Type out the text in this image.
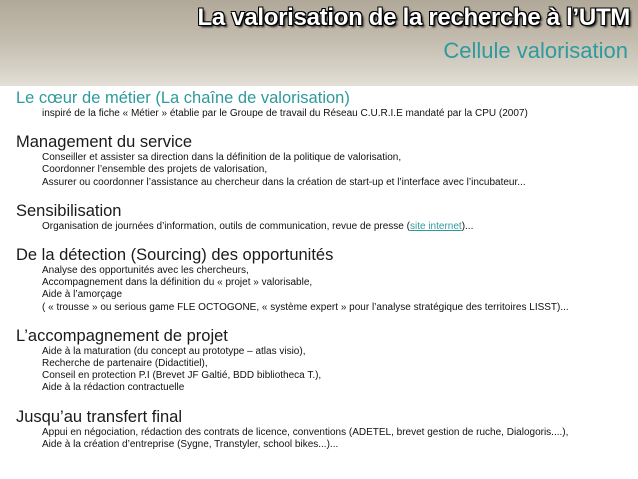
La valorisation de la recherche à l’UTM
Cellule valorisation
Le cœur de métier (La chaîne de valorisation)
inspiré de la fiche « Métier » établie par le Groupe de travail du Réseau C.U.R.I.E mandaté par la CPU (2007)
Management du service
Conseiller et assister sa direction dans la définition de la politique de valorisation,
Coordonner l’ensemble des projets de valorisation,
Assurer ou coordonner l’assistance au chercheur dans la création de start-up et l’interface avec l’incubateur...
Sensibilisation
Organisation de journées d’information, outils de communication, revue de presse (site internet)...
De la détection (Sourcing) des opportunités
Analyse des opportunités avec les chercheurs,
Accompagnement dans la définition du « projet » valorisable,
Aide à l’amorçage
( « trousse » ou serious game FLE OCTOGONE, « système expert » pour l’analyse stratégique des territoires LISST)...
L’accompagnement de projet
Aide à la maturation (du concept au prototype – atlas visio),
Recherche de partenaire (Didactitiel),
Conseil en protection P.I (Brevet JF Galtié, BDD bibliotheca T.),
Aide à la rédaction contractuelle
Jusqu’au transfert final
Appui en négociation, rédaction des contrats de licence, conventions (ADETEL, brevet gestion de ruche, Dialogoris....),
Aide à la création d’entreprise (Sygne, Transtyler, school bikes...)...
